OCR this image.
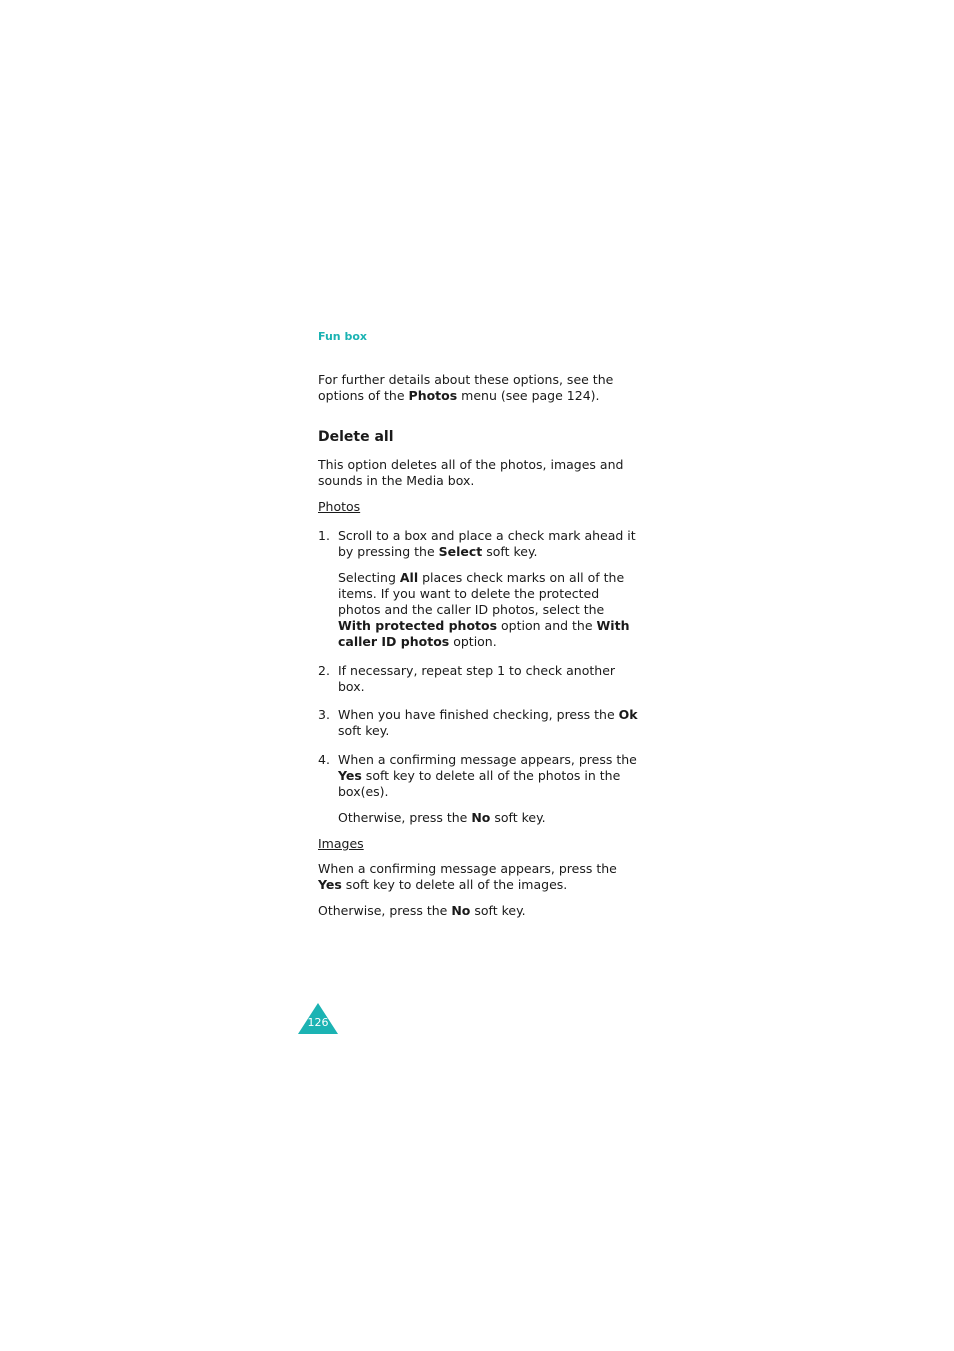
Fun box
For further details about these options, see the options of the Photos menu (see page 124).
Delete all
This option deletes all of the photos, images and sounds in the Media box.
Photos
1. Scroll to a box and place a check mark ahead it by pressing the Select soft key.
Selecting All places check marks on all of the items. If you want to delete the protected photos and the caller ID photos, select the With protected photos option and the With caller ID photos option.
2. If necessary, repeat step 1 to check another box.
3. When you have finished checking, press the Ok soft key.
4. When a confirming message appears, press the Yes soft key to delete all of the photos in the box(es).
Otherwise, press the No soft key.
Images
When a confirming message appears, press the Yes soft key to delete all of the images.
Otherwise, press the No soft key.
126
